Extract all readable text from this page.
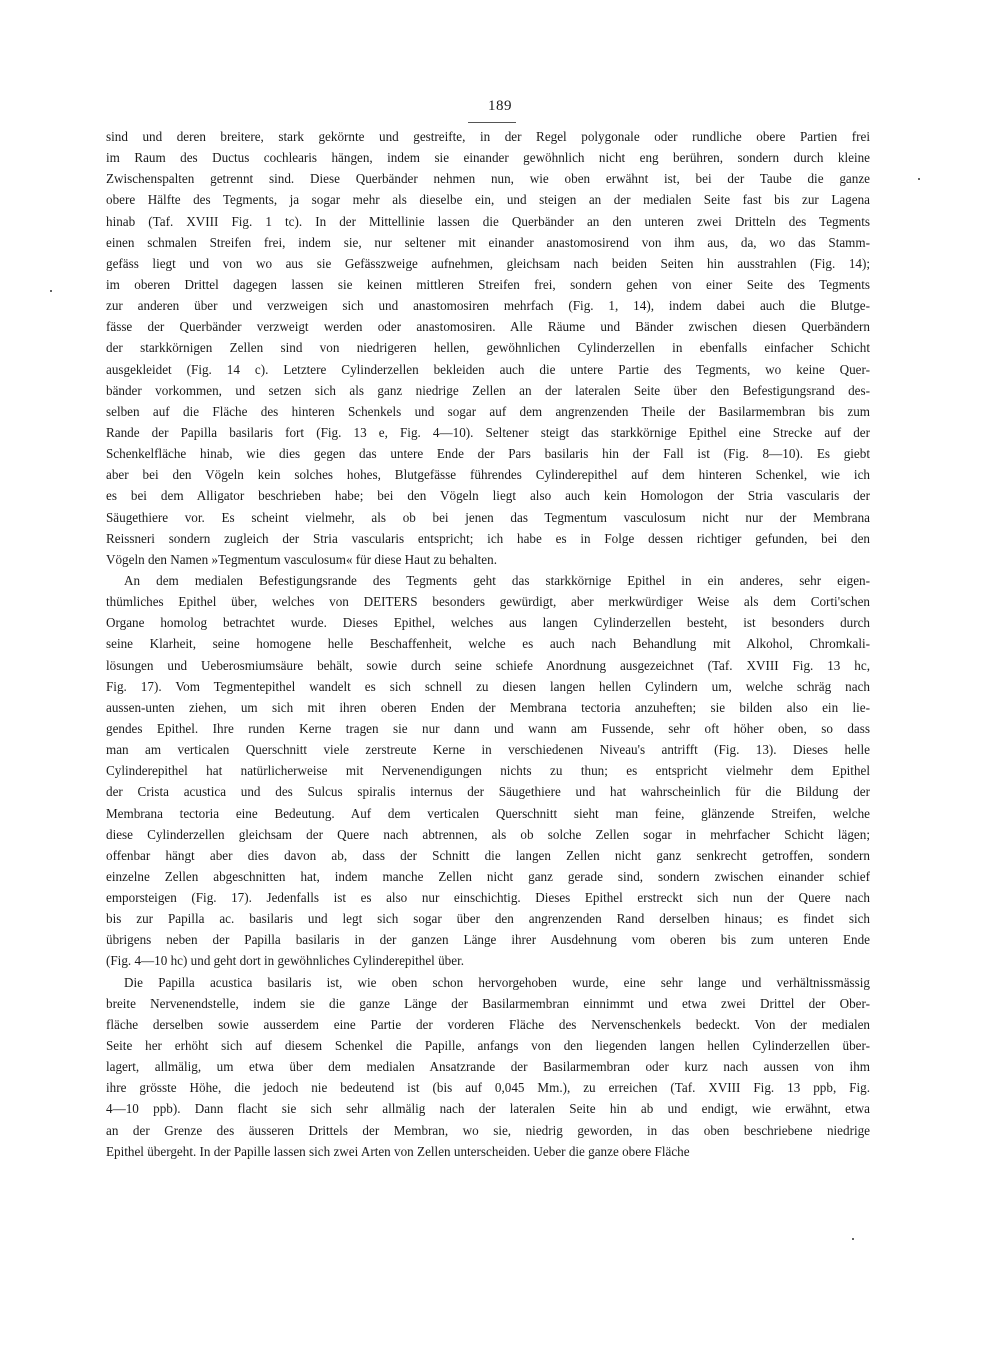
189
sind und deren breitere, stark gekörnte und gestreifte, in der Regel polygonale oder rundliche obere Partien frei
im Raum des Ductus cochlearis hängen, indem sie einander gewöhnlich nicht eng berühren, sondern durch kleine
Zwischenspalten getrennt sind. Diese Querbänder nehmen nun, wie oben erwähnt ist, bei der Taube die ganze
obere Hälfte des Tegments, ja sogar mehr als dieselbe ein, und steigen an der medialen Seite fast bis zur Lagena
hinab (Taf. XVIII Fig. 1 tc). In der Mittellinie lassen die Querbänder an den unteren zwei Dritteln des Tegments
einen schmalen Streifen frei, indem sie, nur seltener mit einander anastomosirend von ihm aus, da, wo das Stamm-
gefäss liegt und von wo aus sie Gefässzweige aufnehmen, gleichsam nach beiden Seiten hin ausstrahlen (Fig. 14);
im oberen Drittel dagegen lassen sie keinen mittleren Streifen frei, sondern gehen von einer Seite des Tegments
zur anderen über und verzweigen sich und anastomosiren mehrfach (Fig. 1, 14), indem dabei auch die Blutge-
fässe der Querbänder verzweigt werden oder anastomosiren. Alle Räume und Bänder zwischen diesen Querbändern
der starkkörnigen Zellen sind von niedrigeren hellen, gewöhnlichen Cylinderzellen in ebenfalls einfacher Schicht
ausgekleidet (Fig. 14 c). Letztere Cylinderzellen bekleiden auch die untere Partie des Tegments, wo keine Quer-
bänder vorkommen, und setzen sich als ganz niedrige Zellen an der lateralen Seite über den Befestigungsrand des-
selben auf die Fläche des hinteren Schenkels und sogar auf dem angrenzenden Theile der Basilarmembran bis zum
Rande der Papilla basilaris fort (Fig. 13 e, Fig. 4—10). Seltener steigt das starkkörnige Epithel eine Strecke auf der
Schenkelfläche hinab, wie dies gegen das untere Ende der Pars basilaris hin der Fall ist (Fig. 8—10). Es giebt
aber bei den Vögeln kein solches hohes, Blutgefässe führendes Cylinderepithel auf dem hinteren Schenkel, wie ich
es bei dem Alligator beschrieben habe; bei den Vögeln liegt also auch kein Homologon der Stria vascularis der
Säugethiere vor. Es scheint vielmehr, als ob bei jenen das Tegmentum vasculosum nicht nur der Membrana
Reissneri sondern zugleich der Stria vascularis entspricht; ich habe es in Folge dessen richtiger gefunden, bei den
Vögeln den Namen »Tegmentum vasculosum« für diese Haut zu behalten.
An dem medialen Befestigungsrande des Tegments geht das starkkörnige Epithel in ein anderes, sehr eigen-
thümliches Epithel über, welches von DEITERS besonders gewürdigt, aber merkwürdiger Weise als dem Corti'schen
Organe homolog betrachtet wurde. Dieses Epithel, welches aus langen Cylinderzellen besteht, ist besonders durch
seine Klarheit, seine homogene helle Beschaffenheit, welche es auch nach Behandlung mit Alkohol, Chromkali-
lösungen und Ueberosmiumsäure behält, sowie durch seine schiefe Anordnung ausgezeichnet (Taf. XVIII Fig. 13 hc,
Fig. 17). Vom Tegmentepithel wandelt es sich schnell zu diesen langen hellen Cylindern um, welche schräg nach
aussen-unten ziehen, um sich mit ihren oberen Enden der Membrana tectoria anzuheften; sie bilden also ein lie-
gendes Epithel. Ihre runden Kerne tragen sie nur dann und wann am Fussende, sehr oft höher oben, so dass
man am verticalen Querschnitt viele zerstreute Kerne in verschiedenen Niveau's antrifft (Fig. 13). Dieses helle
Cylinderepithel hat natürlicherweise mit Nervenendigungen nichts zu thun; es entspricht vielmehr dem Epithel
der Crista acustica und des Sulcus spiralis internus der Säugethiere und hat wahrscheinlich für die Bildung der
Membrana tectoria eine Bedeutung. Auf dem verticalen Querschnitt sieht man feine, glänzende Streifen, welche
diese Cylinderzellen gleichsam der Quere nach abtrennen, als ob solche Zellen sogar in mehrfacher Schicht lägen;
offenbar hängt aber dies davon ab, dass der Schnitt die langen Zellen nicht ganz senkrecht getroffen, sondern
einzelne Zellen abgeschnitten hat, indem manche Zellen nicht ganz gerade sind, sondern zwischen einander schief
emporsteigen (Fig. 17). Jedenfalls ist es also nur einschichtig. Dieses Epithel erstreckt sich nun der Quere nach
bis zur Papilla ac. basilaris und legt sich sogar über den angrenzenden Rand derselben hinaus; es findet sich
übrigens neben der Papilla basilaris in der ganzen Länge ihrer Ausdehnung vom oberen bis zum unteren Ende
(Fig. 4—10 hc) und geht dort in gewöhnliches Cylinderepithel über.
Die Papilla acustica basilaris ist, wie oben schon hervorgehoben wurde, eine sehr lange und verhältnissmässig
breite Nervenendstelle, indem sie die ganze Länge der Basilarmembran einnimmt und etwa zwei Drittel der Ober-
fläche derselben sowie ausserdem eine Partie der vorderen Fläche des Nervenschenkels bedeckt. Von der medialen
Seite her erhöht sich auf diesem Schenkel die Papille, anfangs von den liegenden langen hellen Cylinderzellen über-
lagert, allmälig, um etwa über dem medialen Ansatzrande der Basilarmembran oder kurz nach aussen von ihm
ihre grösste Höhe, die jedoch nie bedeutend ist (bis auf 0,045 Mm.), zu erreichen (Taf. XVIII Fig. 13 ppb, Fig.
4—10 ppb). Dann flacht sie sich sehr allmälig nach der lateralen Seite hin ab und endigt, wie erwähnt, etwa
an der Grenze des äusseren Drittels der Membran, wo sie, niedrig geworden, in das oben beschriebene niedrige
Epithel übergeht. In der Papille lassen sich zwei Arten von Zellen unterscheiden. Ueber die ganze obere Fläche
